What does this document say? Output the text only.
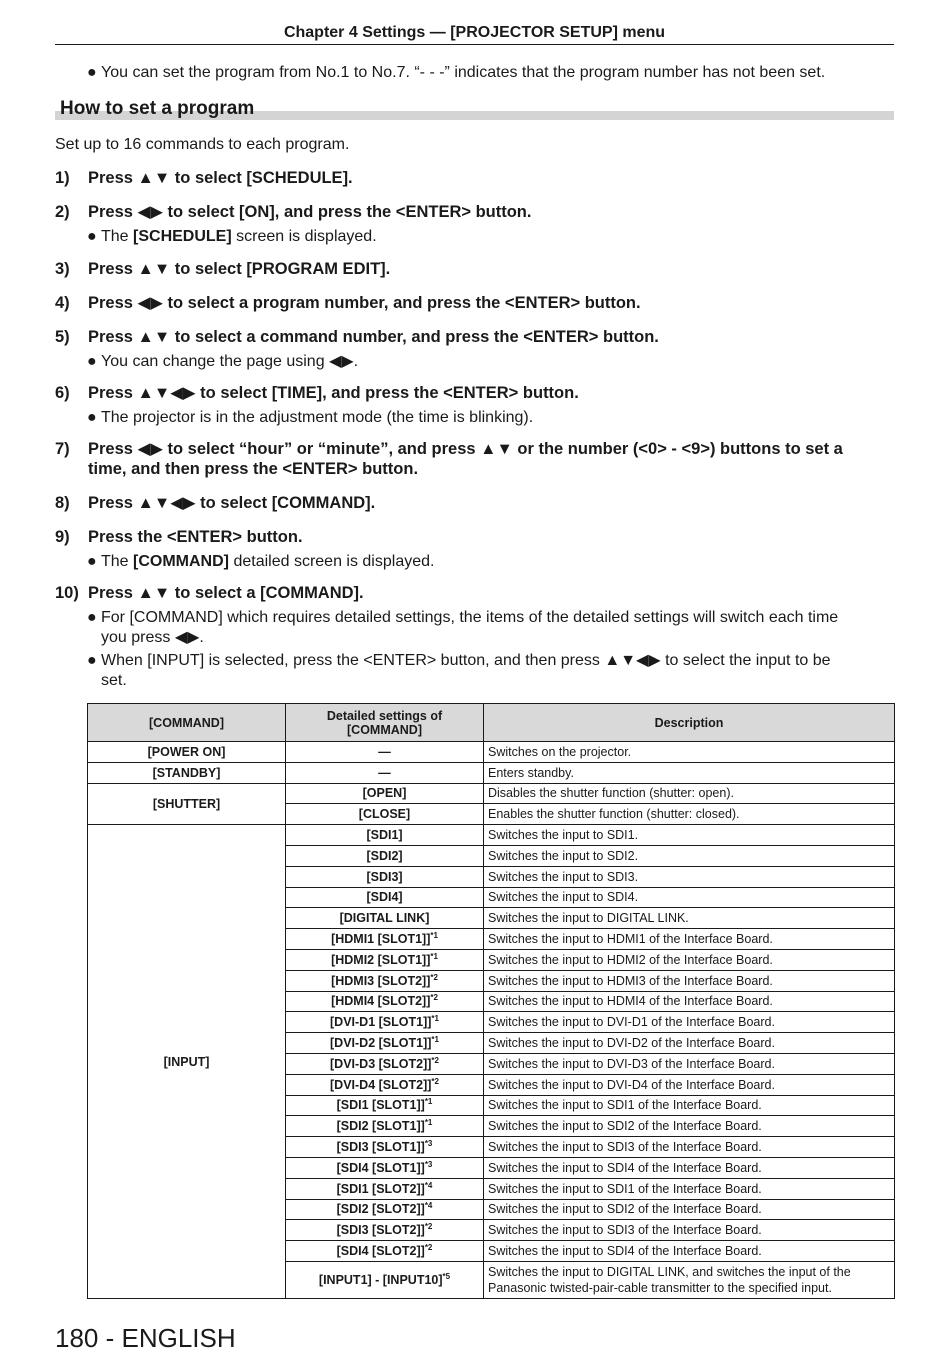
Chapter 4 Settings — [PROJECTOR SETUP] menu
● You can set the program from No.1 to No.7. “- - -” indicates that the program number has not been set.
How to set a program
Set up to 16 commands to each program.
1)	Press ▲▼ to select [SCHEDULE].
2)	Press ◀▶ to select [ON], and press the <ENTER> button.
● The [SCHEDULE] screen is displayed.
3)	Press ▲▼ to select [PROGRAM EDIT].
4)	Press ◀▶ to select a program number, and press the <ENTER> button.
5)	Press ▲▼ to select a command number, and press the <ENTER> button.
● You can change the page using ◀▶.
6)	Press ▲▼◀▶ to select [TIME], and press the <ENTER> button.
● The projector is in the adjustment mode (the time is blinking).
7)	Press ◀▶ to select “hour” or “minute”, and press ▲▼ or the number (<0> - <9>) buttons to set a
time, and then press the <ENTER> button.
8)	Press ▲▼◀▶ to select [COMMAND].
9)	Press the <ENTER> button.
● The [COMMAND] detailed screen is displayed.
10) Press ▲▼ to select a [COMMAND].
● For [COMMAND] which requires detailed settings, the items of the detailed settings will switch each time
you press ◀▶.
● When [INPUT] is selected, press the <ENTER> button, and then press ▲▼◀▶ to select the input to be
set.
[COMMAND]	Detailed settings of [COMMAND]	Description
[POWER ON]	—	Switches on the projector.
[STANDBY]	—	Enters standby.
[SHUTTER]	[OPEN]	Disables the shutter function (shutter: open).
	[CLOSE]	Enables the shutter function (shutter: closed).
[INPUT]	[SDI1]	Switches the input to SDI1.
	[SDI2]	Switches the input to SDI2.
	[SDI3]	Switches the input to SDI3.
	[SDI4]	Switches the input to SDI4.
	[DIGITAL LINK]	Switches the input to DIGITAL LINK.
	[HDMI1 [SLOT1]]$^{*1}$	Switches the input to HDMI1 of the Interface Board.
	[HDMI2 [SLOT1]]$^{*1}$	Switches the input to HDMI2 of the Interface Board.
	[HDMI3 [SLOT2]]$^{*2}$	Switches the input to HDMI3 of the Interface Board.
	[HDMI4 [SLOT2]]$^{*2}$	Switches the input to HDMI4 of the Interface Board.
	[DVI-D1 [SLOT1]]$^{*1}$	Switches the input to DVI-D1 of the Interface Board.
	[DVI-D2 [SLOT1]]$^{*1}$	Switches the input to DVI-D2 of the Interface Board.
	[DVI-D3 [SLOT2]]$^{*2}$	Switches the input to DVI-D3 of the Interface Board.
	[DVI-D4 [SLOT2]]$^{*2}$	Switches the input to DVI-D4 of the Interface Board.
	[SDI1 [SLOT1]]$^{*1}$	Switches the input to SDI1 of the Interface Board.
	[SDI2 [SLOT1]]$^{*1}$	Switches the input to SDI2 of the Interface Board.
	[SDI3 [SLOT1]]$^{*3}$	Switches the input to SDI3 of the Interface Board.
	[SDI4 [SLOT1]]$^{*3}$	Switches the input to SDI4 of the Interface Board.
	[SDI1 [SLOT2]]$^{*4}$	Switches the input to SDI1 of the Interface Board.
	[SDI2 [SLOT2]]$^{*4}$	Switches the input to SDI2 of the Interface Board.
	[SDI3 [SLOT2]]$^{*2}$	Switches the input to SDI3 of the Interface Board.
	[SDI4 [SLOT2]]$^{*2}$	Switches the input to SDI4 of the Interface Board.
	[INPUT1] - [INPUT10]$^{*5}$	Switches the input to DIGITAL LINK, and switches the input of the Panasonic twisted-pair-cable transmitter to the specified input.
180 - ENGLISH
